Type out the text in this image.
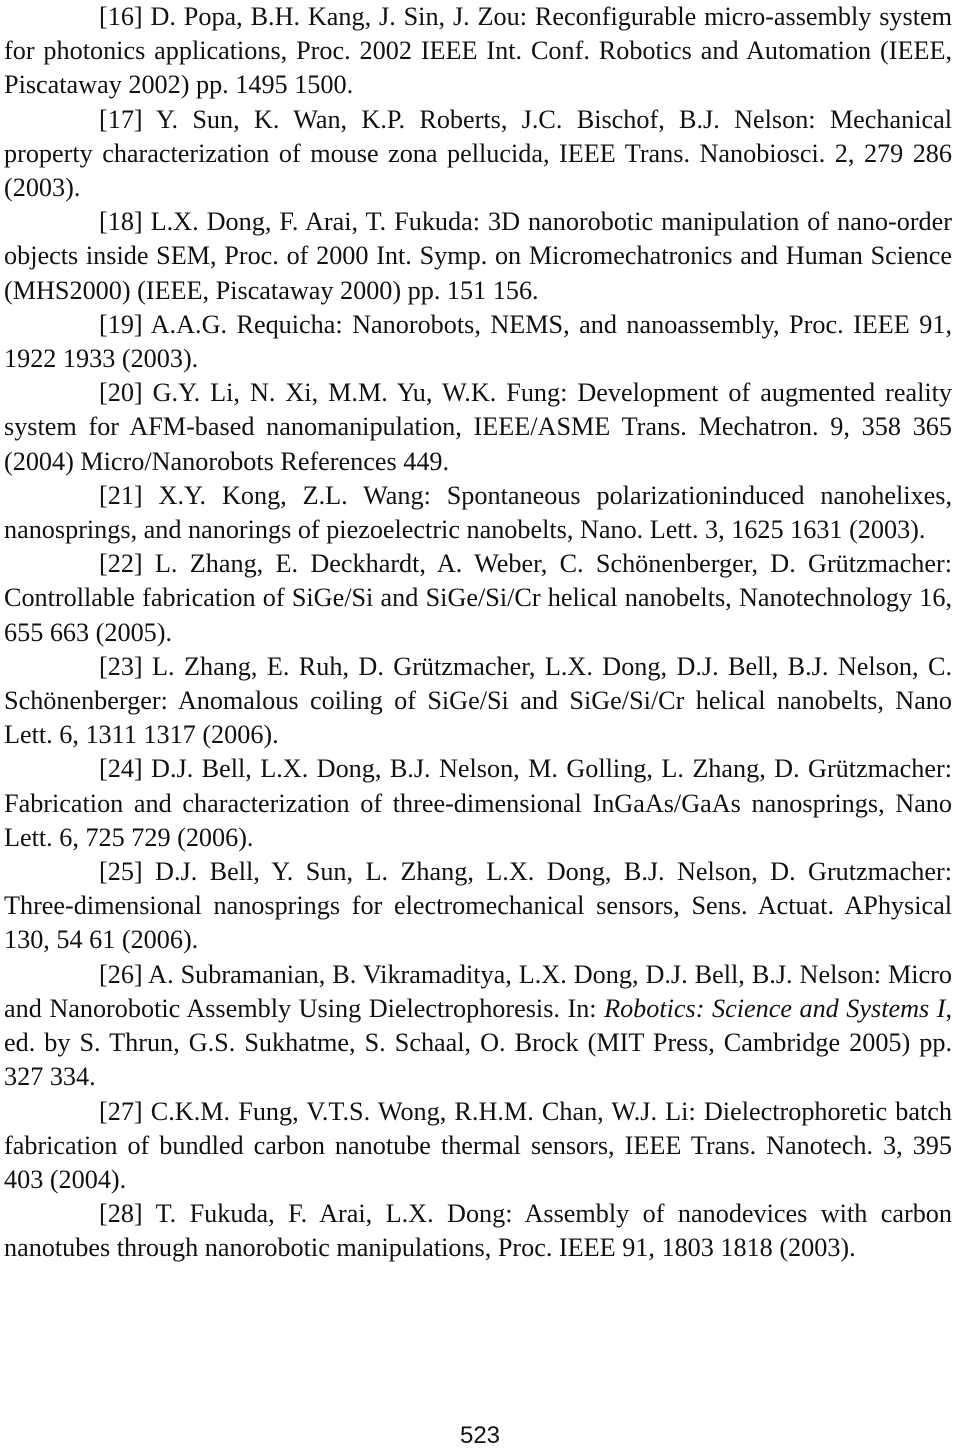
[16] D. Popa, B.H. Kang, J. Sin, J. Zou: Reconfigurable micro-assembly system for photonics applications, Proc. 2002 IEEE Int. Conf. Robotics and Automation (IEEE, Piscataway 2002) pp. 1495 1500.

[17] Y. Sun, K. Wan, K.P. Roberts, J.C. Bischof, B.J. Nelson: Mechanical property characterization of mouse zona pellucida, IEEE Trans. Nanobiosci. 2, 279 286 (2003).

[18] L.X. Dong, F. Arai, T. Fukuda: 3D nanorobotic manipulation of nano-order objects inside SEM, Proc. of 2000 Int. Symp. on Micromechatronics and Human Science (MHS2000) (IEEE, Piscataway 2000) pp. 151 156.

[19] A.A.G. Requicha: Nanorobots, NEMS, and nanoassembly, Proc. IEEE 91, 1922 1933 (2003).

[20] G.Y. Li, N. Xi, M.M. Yu, W.K. Fung: Development of augmented reality system for AFM-based nanomanipulation, IEEE/ASME Trans. Mechatron. 9, 358 365 (2004) Micro/Nanorobots References 449.

[21] X.Y. Kong, Z.L. Wang: Spontaneous polarizationinduced nanohelixes, nanosprings, and nanorings of piezoelectric nanobelts, Nano. Lett. 3, 1625 1631 (2003).

[22] L. Zhang, E. Deckhardt, A. Weber, C. Schönenberger, D. Grützmacher: Controllable fabrication of SiGe/Si and SiGe/Si/Cr helical nanobelts, Nanotechnology 16, 655 663 (2005).

[23] L. Zhang, E. Ruh, D. Grützmacher, L.X. Dong, D.J. Bell, B.J. Nelson, C. Schönenberger: Anomalous coiling of SiGe/Si and SiGe/Si/Cr helical nanobelts, Nano Lett. 6, 1311 1317 (2006).

[24] D.J. Bell, L.X. Dong, B.J. Nelson, M. Golling, L. Zhang, D. Grützmacher: Fabrication and characterization of three-dimensional InGaAs/GaAs nanosprings, Nano Lett. 6, 725 729 (2006).

[25] D.J. Bell, Y. Sun, L. Zhang, L.X. Dong, B.J. Nelson, D. Grutzmacher: Three-dimensional nanosprings for electromechanical sensors, Sens. Actuat. APhysical 130, 54 61 (2006).

[26] A. Subramanian, B. Vikramaditya, L.X. Dong, D.J. Bell, B.J. Nelson: Micro and Nanorobotic Assembly Using Dielectrophoresis. In: Robotics: Science and Systems I, ed. by S. Thrun, G.S. Sukhatme, S. Schaal, O. Brock (MIT Press, Cambridge 2005) pp. 327 334.

[27] C.K.M. Fung, V.T.S. Wong, R.H.M. Chan, W.J. Li: Dielectrophoretic batch fabrication of bundled carbon nanotube thermal sensors, IEEE Trans. Nanotech. 3, 395 403 (2004).

[28] T. Fukuda, F. Arai, L.X. Dong: Assembly of nanodevices with carbon nanotubes through nanorobotic manipulations, Proc. IEEE 91, 1803 1818 (2003).

523
